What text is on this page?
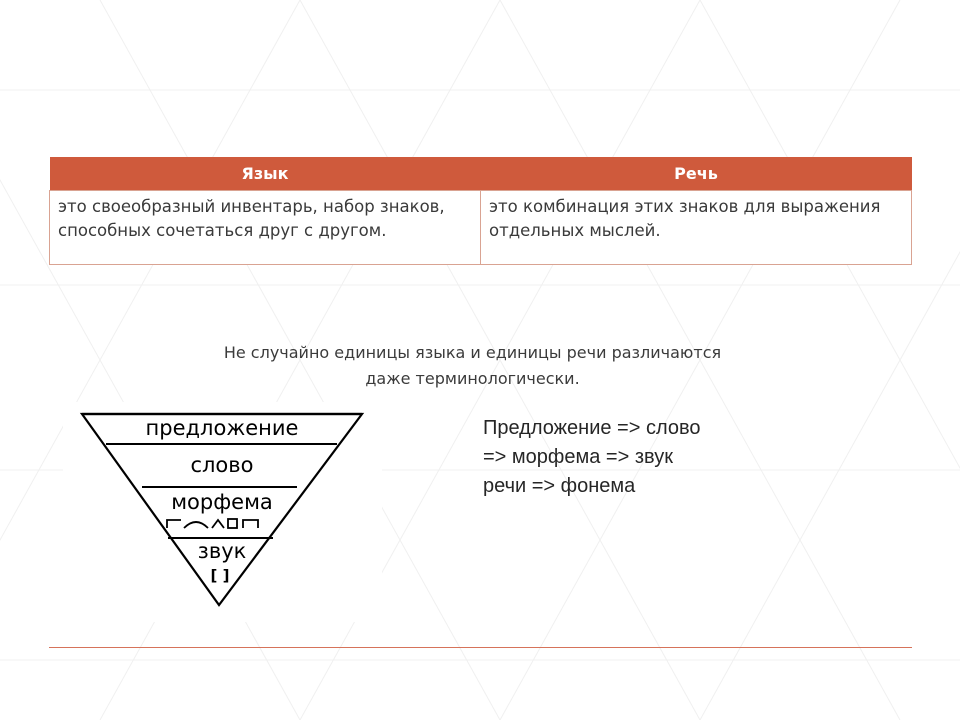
Язык	Речь
это своеобразный инвентарь, набор знаков, способных сочетаться друг с другом.	это комбинация этих знаков для выражения отдельных мыслей.
Не случайно единицы языка и единицы речи различаются
даже терминологически.
предложение
слово
морфема
звук
[ ]
Предложение => слово
=> морфема => звук
речи => фонема
